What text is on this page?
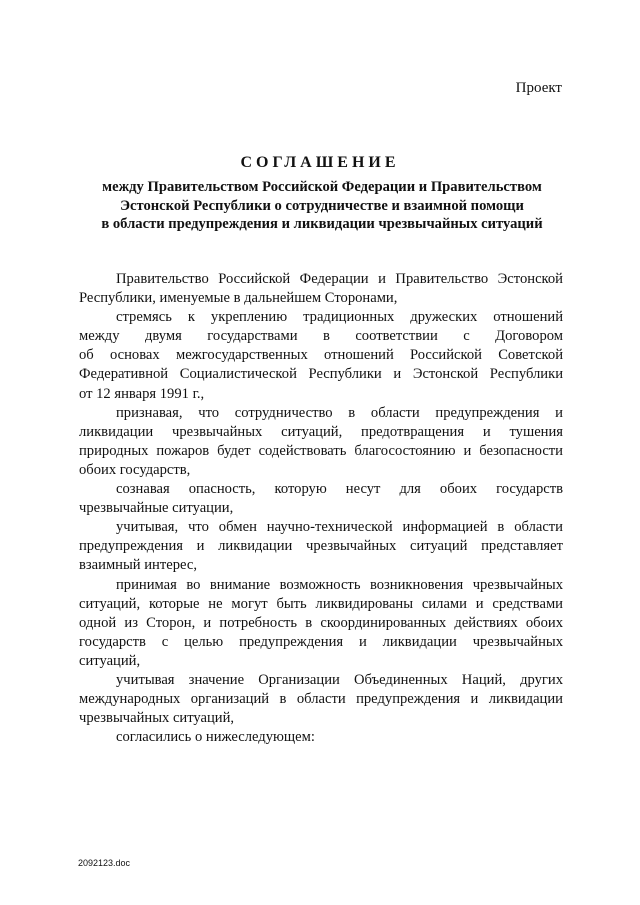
Проект
СОГЛАШЕНИЕ
между Правительством Российской Федерации и Правительством
Эстонской Республики о сотрудничестве и взаимной помощи
в области предупреждения и ликвидации чрезвычайных ситуаций
Правительство Российской Федерации и Правительство Эстонской
Республики, именуемые в дальнейшем Сторонами,
стремясь к укреплению традиционных дружеских отношений
между двумя государствами в соответствии с Договором
об основах межгосударственных отношений Российской Советской
Федеративной Социалистической Республики и Эстонской Республики
от 12 января 1991 г.,
признавая, что сотрудничество в области предупреждения и
ликвидации чрезвычайных ситуаций, предотвращения и тушения
природных пожаров будет содействовать благосостоянию и безопасности
обоих государств,
сознавая опасность, которую несут для обоих государств
чрезвычайные ситуации,
учитывая, что обмен научно-технической информацией в области
предупреждения и ликвидации чрезвычайных ситуаций представляет
взаимный интерес,
принимая во внимание возможность возникновения чрезвычайных
ситуаций, которые не могут быть ликвидированы силами и средствами
одной из Сторон, и потребность в скоординированных действиях обоих
государств с целью предупреждения и ликвидации чрезвычайных
ситуаций,
учитывая значение Организации Объединенных Наций, других
международных организаций в области предупреждения и ликвидации
чрезвычайных ситуаций,
согласились о нижеследующем:
2092123.doc
